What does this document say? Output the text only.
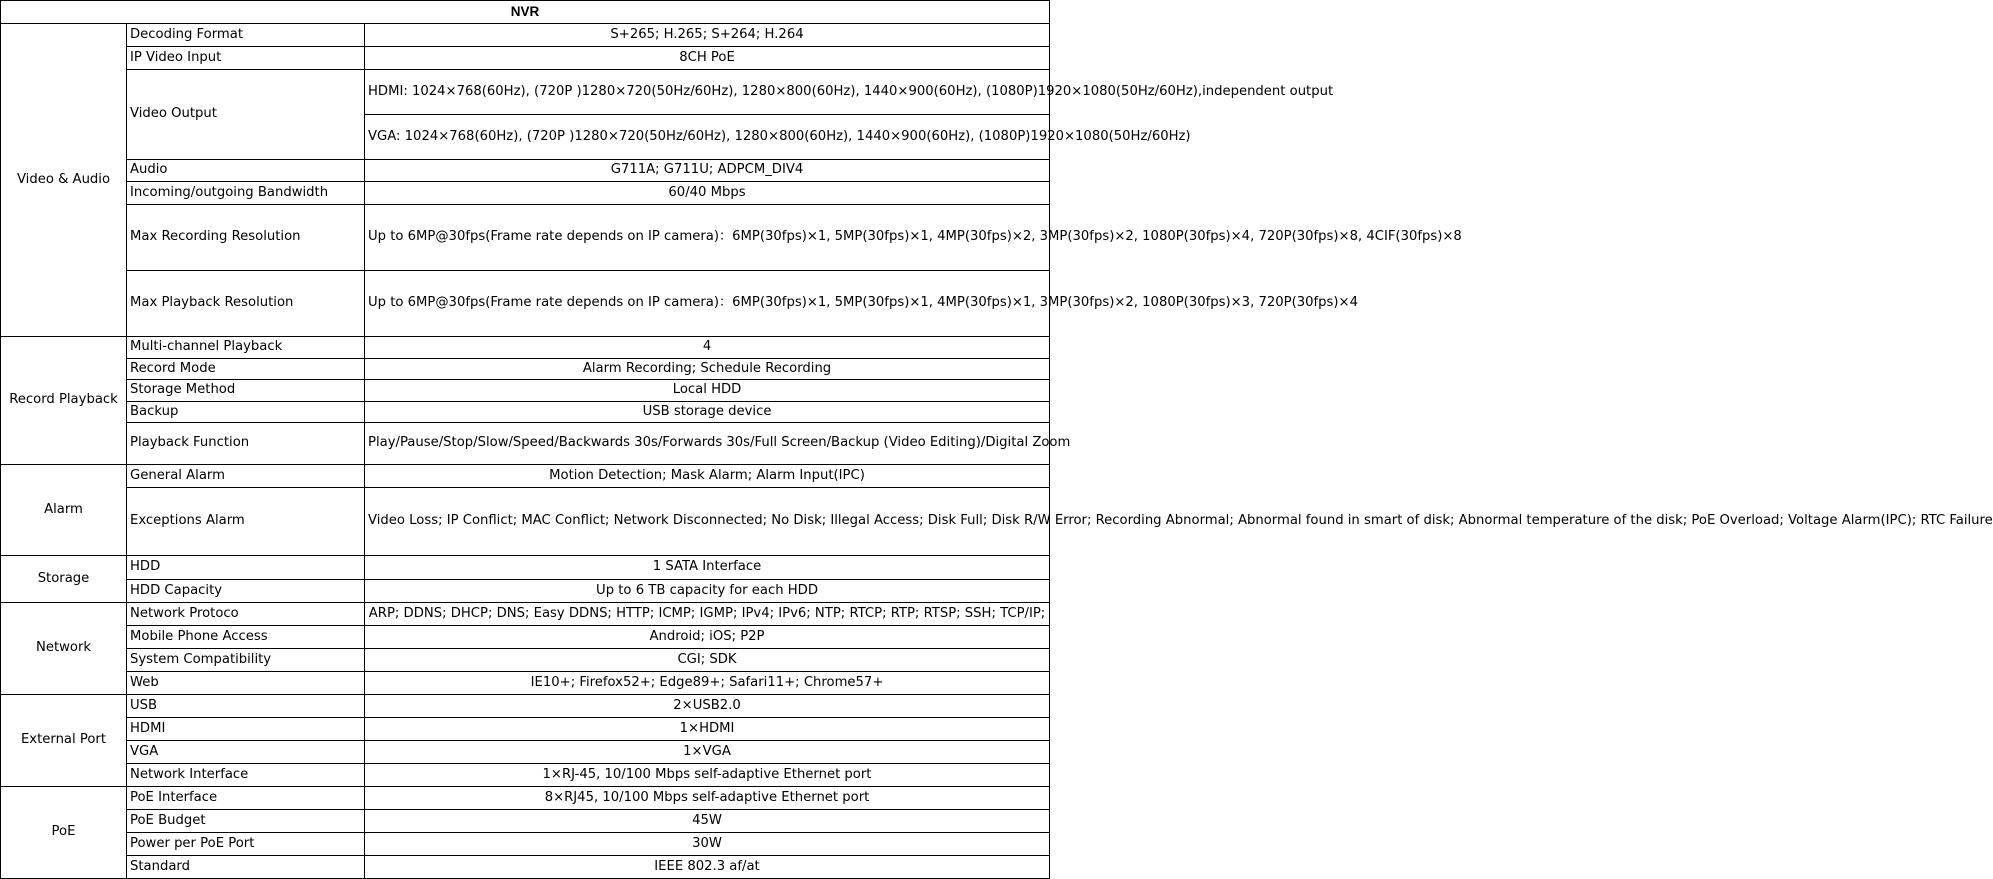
NVR		
Video & Audio	Decoding Format	S+265; H.265; S+264; H.264
	IP Video Input	8CH PoE
	Video Output	HDMI: 1024×768(60Hz), (720P )1280×720(50Hz/60Hz), 1280×800(60Hz), 1440×900(60Hz), (1080P)1920×1080(50Hz/60Hz),independent output
		VGA: 1024×768(60Hz), (720P )1280×720(50Hz/60Hz), 1280×800(60Hz), 1440×900(60Hz), (1080P)1920×1080(50Hz/60Hz)
	Audio	G711A; G711U; ADPCM_DIV4
	Incoming/outgoing Bandwidth	60/40 Mbps
	Max Recording Resolution	Up to 6MP@30fps(Frame rate depends on IP camera)：6MP(30fps)×1, 5MP(30fps)×1, 4MP(30fps)×2, 3MP(30fps)×2, 1080P(30fps)×4, 720P(30fps)×8, 4CIF(30fps)×8
	Max Playback Resolution	Up to 6MP@30fps(Frame rate depends on IP camera)：6MP(30fps)×1, 5MP(30fps)×1, 4MP(30fps)×1, 3MP(30fps)×2, 1080P(30fps)×3, 720P(30fps)×4
Record Playback	Multi-channel Playback	4
	Record Mode	Alarm Recording; Schedule Recording
	Storage Method	Local HDD
	Backup	USB storage device
	Playback Function	Play/Pause/Stop/Slow/Speed/Backwards 30s/Forwards 30s/Full Screen/Backup (Video Editing)/Digital Zoom
Alarm	General Alarm	Motion Detection; Mask Alarm; Alarm Input(IPC)
	Exceptions Alarm	Video Loss; IP Conflict; MAC Conflict; Network Disconnected; No Disk; Illegal Access; Disk Full; Disk R/W Error; Recording Abnormal; Abnormal found in smart of disk; Abnormal temperature of the disk; PoE Overload; Voltage Alarm(IPC); RTC Failure
Storage	HDD	1 SATA Interface
	HDD Capacity	Up to 6 TB capacity for each HDD
Network	Network Protoco	ARP; DDNS; DHCP; DNS; Easy DDNS; HTTP; ICMP; IGMP; IPv4; IPv6; NTP; RTCP; RTP; RTSP; SSH; TCP/IP;
	Mobile Phone Access	Android; iOS; P2P
	System Compatibility	CGI; SDK
	Web	IE10+; Firefox52+; Edge89+; Safari11+; Chrome57+
External Port	USB	2×USB2.0
	HDMI	1×HDMI
	VGA	1×VGA
	Network Interface	1×RJ-45, 10/100 Mbps self-adaptive Ethernet port
PoE	PoE Interface	8×RJ45, 10/100 Mbps self-adaptive Ethernet port
	PoE Budget	45W
	Power per PoE Port	30W
	Standard	IEEE 802.3 af/at
